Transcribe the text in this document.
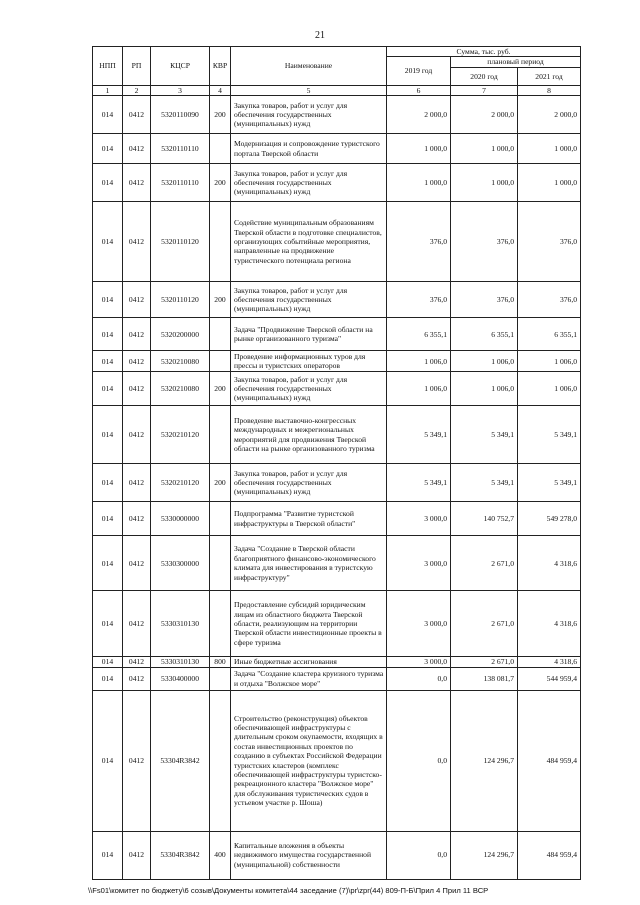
21
НПП	РП	КЦСР	КВР	Наименование	Сумма, тыс. руб.		
					2019 год	плановый период	
						2020 год	2021 год
1	2	3	4	5	6	7	8
014	0412	5320110090	200	Закупка товаров, работ и услуг для обеспечения государственных (муниципальных) нужд	2 000,0	2 000,0	2 000,0
014	0412	5320110110		Модернизация и сопровождение туристского портала Тверской области	1 000,0	1 000,0	1 000,0
014	0412	5320110110	200	Закупка товаров, работ и услуг для обеспечения государственных (муниципальных) нужд	1 000,0	1 000,0	1 000,0
014	0412	5320110120		Содействие муниципальным образованиям Тверской области в подготовке специалистов, организующих событийные мероприятия, направленные на продвижение туристического потенциала региона	376,0	376,0	376,0
014	0412	5320110120	200	Закупка товаров, работ и услуг для обеспечения государственных (муниципальных) нужд	376,0	376,0	376,0
014	0412	5320200000		Задача "Продвижение Тверской области на рынке организованного туризма"	6 355,1	6 355,1	6 355,1
014	0412	5320210080		Проведение информационных туров для прессы и туристских операторов	1 006,0	1 006,0	1 006,0
014	0412	5320210080	200	Закупка товаров, работ и услуг для обеспечения государственных (муниципальных) нужд	1 006,0	1 006,0	1 006,0
014	0412	5320210120		Проведение выставочно-конгрессных международных и межрегиональных мероприятий для продвижения Тверской области на рынке организованного туризма	5 349,1	5 349,1	5 349,1
014	0412	5320210120	200	Закупка товаров, работ и услуг для обеспечения государственных (муниципальных) нужд	5 349,1	5 349,1	5 349,1
014	0412	5330000000		Подпрограмма "Развитие туристской инфраструктуры в Тверской области"	3 000,0	140 752,7	549 278,0
014	0412	5330300000		Задача "Создание в Тверской области благоприятного финансово-экономического климата для инвестирования в туристскую инфраструктуру"	3 000,0	2 671,0	4 318,6
014	0412	5330310130		Предоставление субсидий юридическим лицам из областного бюджета Тверской области, реализующим на территории Тверской области инвестиционные проекты в сфере туризма	3 000,0	2 671,0	4 318,6
014	0412	5330310130	800	Иные бюджетные ассигнования	3 000,0	2 671,0	4 318,6
014	0412	5330400000		Задача "Создание кластера круизного туризма и отдыха "Волжское море"	0,0	138 081,7	544 959,4
014	0412	53304R3842		Строительство (реконструкция) объектов обеспечивающей инфраструктуры с длительным сроком окупаемости, входящих в состав инвестиционных проектов по созданию в субъектах Российской Федерации туристских кластеров (комплекс обеспечивающей инфраструктуры туристско-рекреационного кластера "Волжское море" для обслуживания туристических судов в устьевом участке р. Шоша)	0,0	124 296,7	484 959,4
014	0412	53304R3842	400	Капитальные вложения в объекты недвижимого имущества государственной (муниципальной) собственности	0,0	124 296,7	484 959,4
\\Fs01\комитет по бюджету\6 созыв\Документы комитета\44 заседание (7)\pr\zpr(44) 809-П-Б\Прил 4 Прил 11 ВСР
